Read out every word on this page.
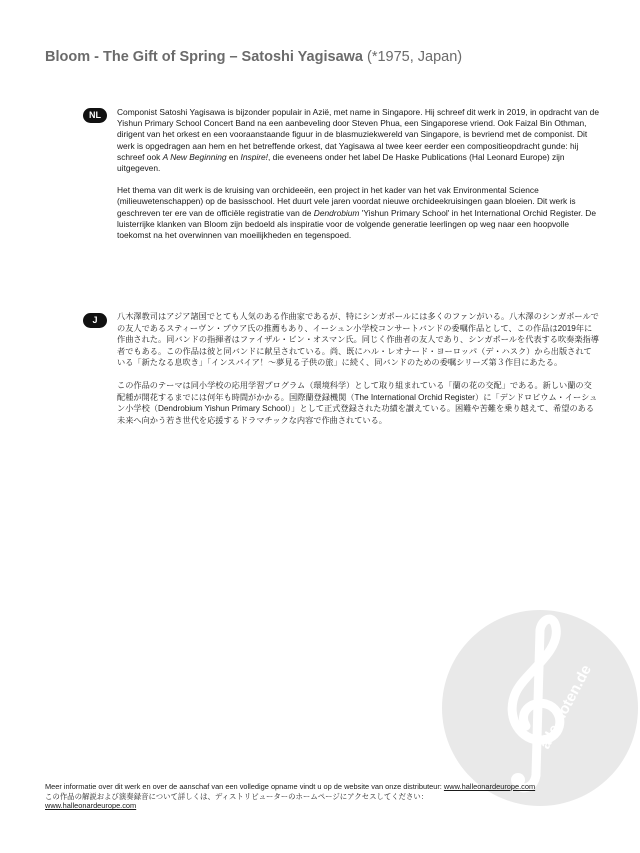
Bloom - The Gift of Spring – Satoshi Yagisawa (*1975, Japan)
NL	Componist Satoshi Yagisawa is bijzonder populair in Azië, met name in Singapore. Hij schreef dit werk in 2019, in opdracht van de Yishun Primary School Concert Band na een aanbeveling door Steven Phua, een Singaporese vriend. Ook Faizal Bin Othman, dirigent van het orkest en een vooraanstaande figuur in de blasmuziekwereld van Singapore, is bevriend met de componist. Dit werk is opgedragen aan hem en het betreffende orkest, dat Yagisawa al twee keer eerder een compositieopdracht gunde: hij schreef ook A New Beginning en Inspire!, die eveneens onder het label De Haske Publications (Hal Leonard Europe) zijn uitgegeven.

Het thema van dit werk is de kruising van orchideeën, een project in het kader van het vak Environmental Science (milieuwetenschappen) op de basisschool. Het duurt vele jaren voordat nieuwe orchideekruisingen gaan bloeien. Dit werk is geschreven ter ere van de officiële registratie van de Dendrobium 'Yishun Primary School' in het International Orchid Register. De luisterrijke klanken van Bloom zijn bedoeld als inspiratie voor de volgende generatie leerlingen op weg naar een hoopvolle toekomst na het overwinnen van moeilijkheden en tegenspoed.

J	八木澤教司はアジア諸国でとても人気のある作曲家であるが、特にシンガポールには多くのファンがいる。八木澤のシンガポールでの友人であるスティーヴン・プウア氏の推薦もあり、イーシュン小学校コンサートバンドの委嘱作品として、この作品は2019年に作曲された。同バンドの指揮者はファイザル・ビン・オスマン氏。同じく作曲者の友人であり、シンガポールを代表する吹奏楽指導者でもある。この作品は彼と同バンドに献呈されている。尚、既にハル・レオナード・ヨーロッパ（デ・ハスク）から出版されている「新たなる息吹き」「インスパイア！～夢見る子供の旅」に続く、同バンドのための委嘱シリーズ第３作目にあたる。

この作品のテーマは同小学校の応用学習プログラム（環境科学）として取り組まれている「蘭の花の交配」である。新しい蘭の交配種が開花するまでには何年も時間がかかる。国際蘭登録機関（The International Orchid Register）に「デンドロビウム・イーシュン小学校（Dendrobium Yishun Primary School）」として正式登録された功績を讃えている。困難や苦難を乗り越えて、希望のある未来へ向かう若き世代を応援するドラマチックな内容で作曲されている。

alle-noten.de
Meer informatie over dit werk en over de aanschaf van een volledige opname vindt u op de website van onze distributeur: www.halleonardeurope.com
この作品の解説および演奏録音について詳しくは、ディストリビューターのホームページにアクセスしてください：
www.halleonardeurope.com
